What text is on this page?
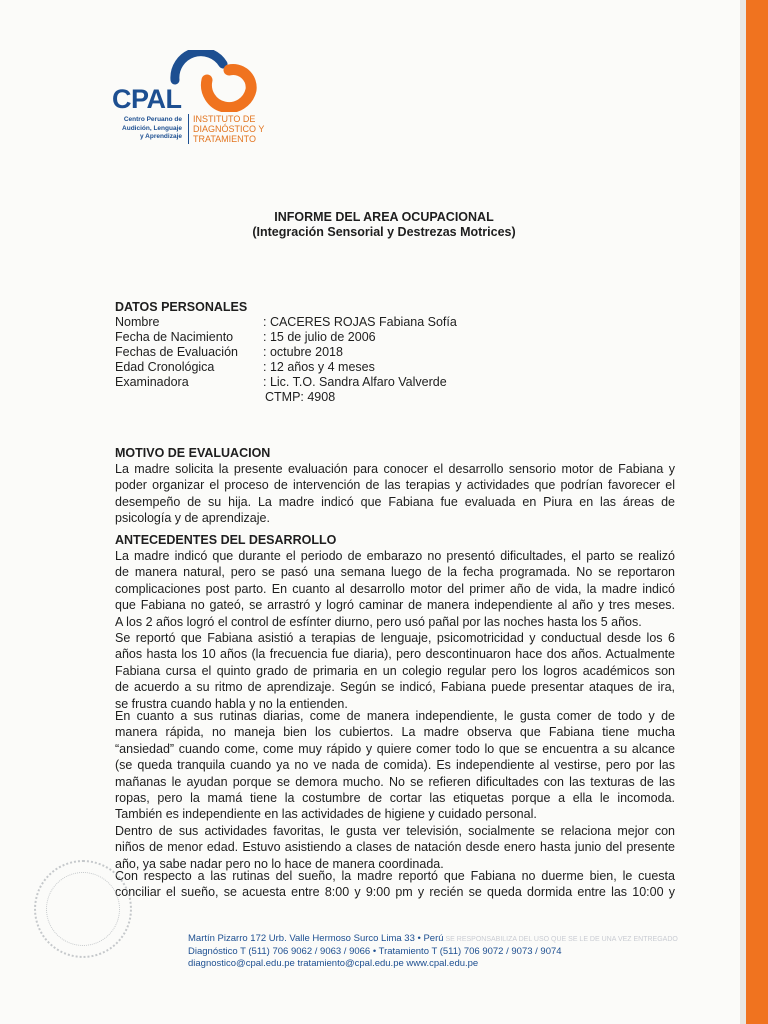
CPAL
Centro Peruano de
Audición, Lenguaje
y Aprendizaje
INSTITUTO DE
DIAGNÓSTICO Y
TRATAMIENTO
INFORME DEL AREA OCUPACIONAL
(Integración Sensorial y Destrezas Motrices)
DATOS PERSONALES
Nombre	: CACERES ROJAS Fabiana Sofía
Fecha de Nacimiento : 15 de julio de 2006
Fechas de Evaluación : octubre 2018
Edad Cronológica	: 12 años y 4 meses
Examinadora	: Lic. T.O. Sandra Alfaro Valverde
CTMP: 4908
MOTIVO DE EVALUACION
La madre solicita la presente evaluación para conocer el desarrollo sensorio motor de Fabiana y
poder organizar el proceso de intervención de las terapias y actividades que podrían favorecer el
desempeño de su hija. La madre indicó que Fabiana fue evaluada en Piura en las áreas de
psicología y de aprendizaje.
ANTECEDENTES DEL DESARROLLO
La madre indicó que durante el periodo de embarazo no presentó dificultades, el parto se realizó
de manera natural, pero se pasó una semana luego de la fecha programada. No se reportaron
complicaciones post parto. En cuanto al desarrollo motor del primer año de vida, la madre indicó
que Fabiana no gateó, se arrastró y logró caminar de manera independiente al año y tres meses.
A los 2 años logró el control de esfínter diurno, pero usó pañal por las noches hasta los 5 años.
Se reportó que Fabiana asistió a terapias de lenguaje, psicomotricidad y conductual desde los 6
años hasta los 10 años (la frecuencia fue diaria), pero descontinuaron hace dos años. Actualmente
Fabiana cursa el quinto grado de primaria en un colegio regular pero los logros académicos son
de acuerdo a su ritmo de aprendizaje. Según se indicó, Fabiana puede presentar ataques de ira,
se frustra cuando habla y no la entienden.
En cuanto a sus rutinas diarias, come de manera independiente, le gusta comer de todo y de
manera rápida, no maneja bien los cubiertos. La madre observa que Fabiana tiene mucha
“ansiedad” cuando come, come muy rápido y quiere comer todo lo que se encuentra a su alcance
(se queda tranquila cuando ya no ve nada de comida). Es independiente al vestirse, pero por las
mañanas le ayudan porque se demora mucho. No se refieren dificultades con las texturas de las
ropas, pero la mamá tiene la costumbre de cortar las etiquetas porque a ella le incomoda.
También es independiente en las actividades de higiene y cuidado personal.
Dentro de sus actividades favoritas, le gusta ver televisión, socialmente se relaciona mejor con
niños de menor edad. Estuvo asistiendo a clases de natación desde enero hasta junio del presente
año, ya sabe nadar pero no lo hace de manera coordinada.
Con respecto a las rutinas del sueño, la madre reportó que Fabiana no duerme bien, le cuesta
conciliar el sueño, se acuesta entre 8:00 y 9:00 pm y recién se queda dormida entre las 10:00 y
Martín Pizarro 172 Urb. Valle Hermoso Surco Lima 33 • Perú SE RESPONSABILIZA DEL USO QUE SE LE DE UNA VEZ ENTREGADO
Diagnóstico T (511) 706 9062 / 9063 / 9066 • Tratamiento T (511) 706 9072 / 9073 / 9074
diagnostico@cpal.edu.pe tratamiento@cpal.edu.pe www.cpal.edu.pe
